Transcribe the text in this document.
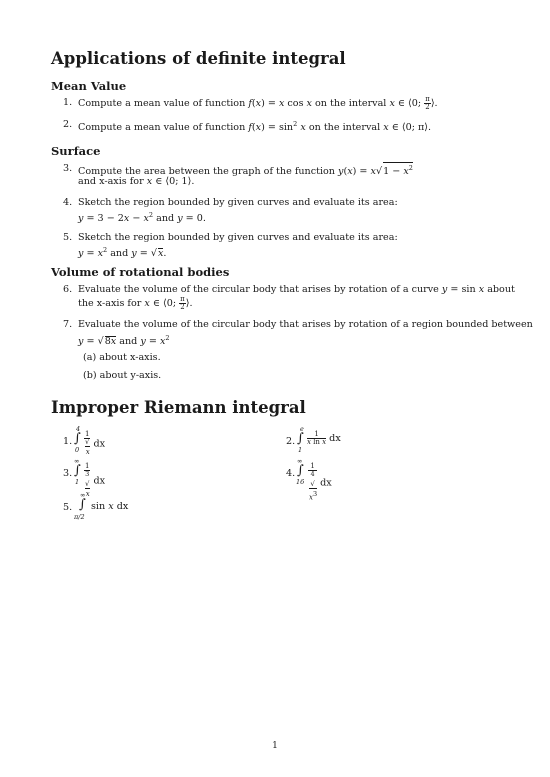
Applications of definite integral
Mean Value
1. Compute a mean value of function f(x) = x cos x on the interval x ∈ ⟨0; $\frac{\pi}{2}$ ⟩.
2. Compute a mean value of function $f(x) = \sin^2 x$ on the interval x ∈ ⟨0; π⟩.
Surface
3. Compute the area between the graph of the function $y(x) = x√1 - x^2$
and x-axis for x ∈ ⟨0; 1⟩.
4. Sketch the region bounded by given curves and evaluate its area:
$y = 3 - 2x - x^2$ and y = 0.
5. Sketch the region bounded by given curves and evaluate its area:
$y = x^2$ and y = √x.
Volume of rotational bodies
6. Evaluate the volume of the circular body that arises by rotation of a curve y = sin x about
the x-axis for x ∈ ⟨0; $\frac{\pi}{2}$ ⟩.
7. Evaluate the volume of the circular body that arises by rotation of a region bounded between
y = √8x and $y = x^2$
(a) about x-axis.
(b) about y-axis.
Improper Riemann integral
1.
4
∫
0 1
√
x dx	2.
e
∫
1
$\frac{1}{\text{x ln x}}$ dx
3.
∞
∫
1 1
$^3$
√
x dx
4.
∞
∫
16 1
$^4$
√
$x^3$ dx
5.
∞
∫
π/2
sin x dx
1
